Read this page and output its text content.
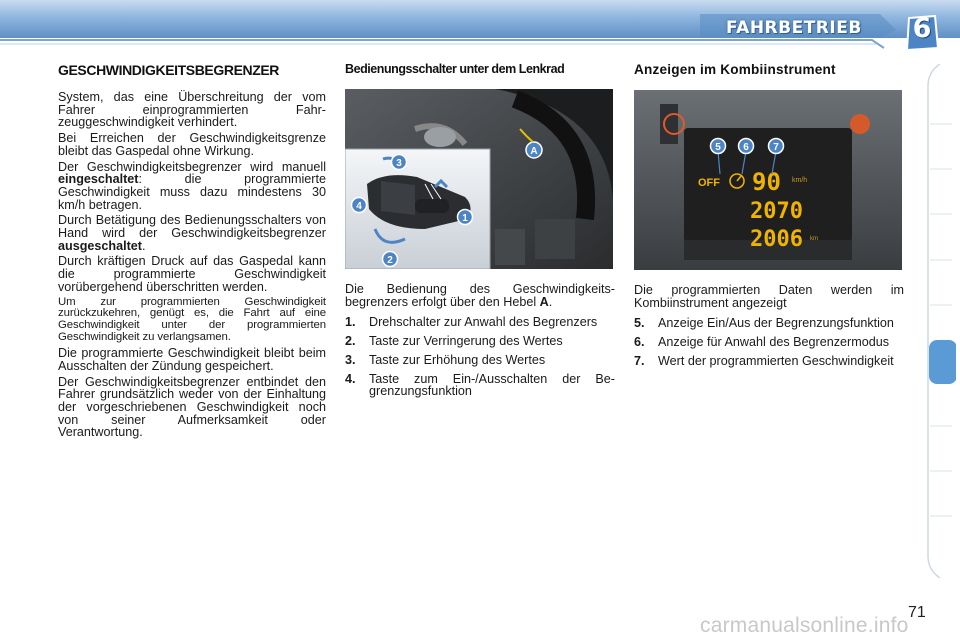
FAHRBETRIEB 6
GESCHWINDIGKEITSBEGRENZER

System, das eine Überschreitung der vom Fahrer einprogrammierten Fahrzeuggeschwindigkeit verhindert.

Bei Erreichen der Geschwindigkeitsgrenze bleibt das Gaspedal ohne Wirkung.

Der Geschwindigkeitsbegrenzer wird manuell eingeschaltet: die programmierte Geschwindigkeit muss dazu mindestens 30 km/h betragen.

Durch Betätigung des Bedienungsschalters von Hand wird der Geschwindigkeitsbegrenzer ausgeschaltet.

Durch kräftigen Druck auf das Gaspedal kann die programmierte Geschwindigkeit vorübergehend überschritten werden.

Um zur programmierten Geschwindigkeit zurückzukehren, genügt es, die Fahrt auf eine Geschwindigkeit unter der programmierten Geschwindigkeit zu verlangsamen.

Die programmierte Geschwindigkeit bleibt beim Ausschalten der Zündung gespeichert.

Der Geschwindigkeitsbegrenzer entbindet den Fahrer grundsätzlich weder von der Einhaltung der vorgeschriebenen Geschwindigkeit noch von seiner Aufmerksamkeit oder Verantwortung.

Bedienungsschalter unter dem Lenkrad
A
3
4
1
2

Die Bedienung des Geschwindigkeitsbegrenzers erfolgt über den Hebel A.

1. Drehschalter zur Anwahl des Begrenzers
2. Taste zur Verringerung des Wertes
3. Taste zur Erhöhung des Wertes
4. Taste zum Ein-/Ausschalten der Begrenzungsfunktion
Anzeigen im Kombiinstrument
OFF 90 km/h
2070
2006 km
5 6 7

Die programmierten Daten werden im Kombiinstrument angezeigt

5. Anzeige Ein/Aus der Begrenzungsfunktion
6. Anzeige für Anwahl des Begrenzermodus
7. Wert der programmierten Geschwindigkeit
71
carmanualsonline.info
